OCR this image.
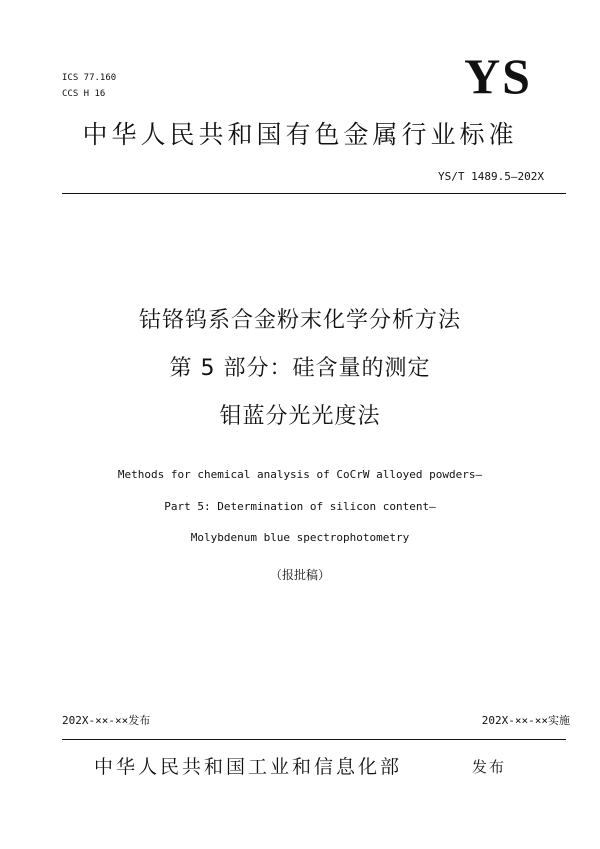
ICS 77.160
CCS H 16	YS
中华人民共和国有色金属行业标准
YS/T 1489.5—202X
钴铬钨系合金粉末化学分析方法
第 5 部分：硅含量的测定
钼蓝分光光度法
Methods for chemical analysis of CoCrW alloyed powders—
Part 5: Determination of silicon content—
Molybdenum blue spectrophotometry
（报批稿）
202X-××-××发布	202X-××-××实施
中华人民共和国工业和信息化部	发布
